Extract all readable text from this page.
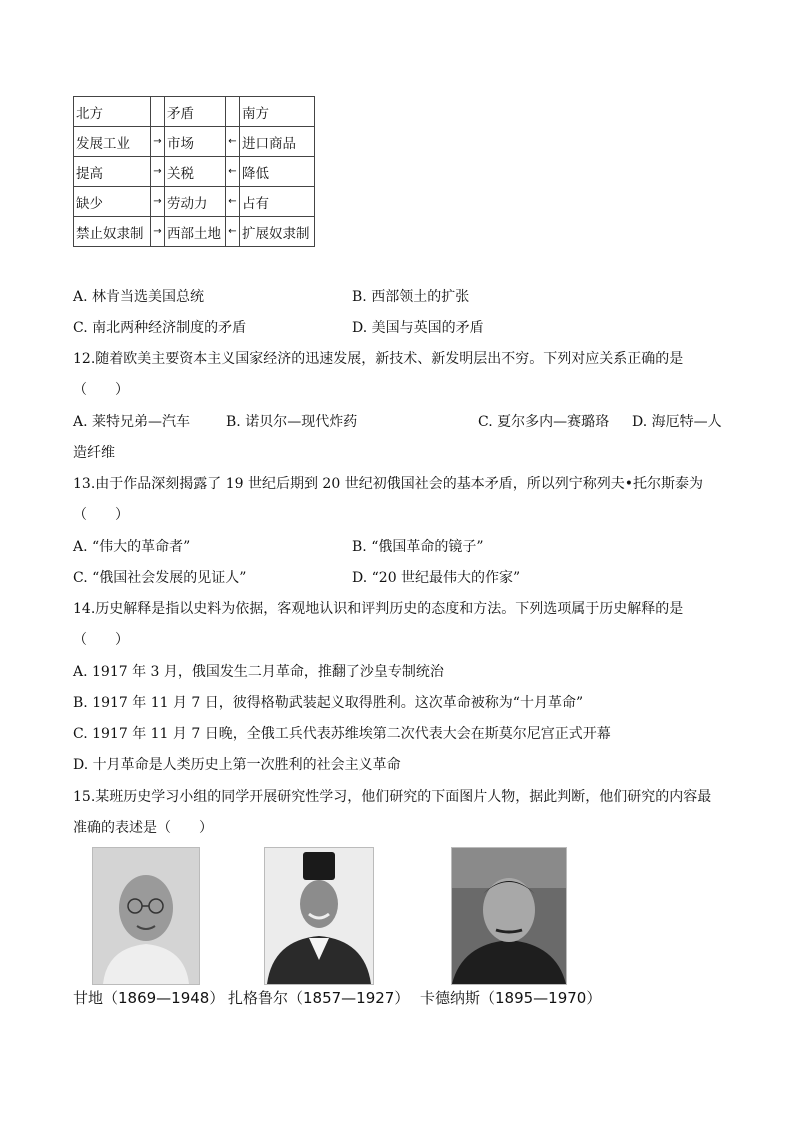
北方		矛盾		南方
发展工业	→	市场	←	进口商品
提高	→	关税	←	降低
缺少	→	劳动力	←	占有
禁止奴隶制	→	西部土地	←	扩展奴隶制
A. 林肯当选美国总统	B. 西部领土的扩张
C. 南北两种经济制度的矛盾	D. 美国与英国的矛盾
12.随着欧美主要资本主义国家经济的迅速发展，新技术、新发明层出不穷。下列对应关系正确的是
（　　）
A. 莱特兄弟—汽车	B. 诺贝尔—现代炸药	C. 夏尔多内—赛璐珞 D. 海厄特—人
造纤维
13.由于作品深刻揭露了 19 世纪后期到 20 世纪初俄国社会的基本矛盾，所以列宁称列夫•托尔斯泰为
（　　）
A. “伟大的革命者”	B. “俄国革命的镜子”
C. “俄国社会发展的见证人”	D. “20 世纪最伟大的作家”
14.历史解释是指以史料为依据，客观地认识和评判历史的态度和方法。下列选项属于历史解释的是
（　　）
A. 1917 年 3 月，俄国发生二月革命，推翻了沙皇专制统治
B. 1917 年 11 月 7 日，彼得格勒武装起义取得胜利。这次革命被称为“十月革命”
C. 1917 年 11 月 7 日晚，全俄工兵代表苏维埃第二次代表大会在斯莫尔尼宫正式开幕
D. 十月革命是人类历史上第一次胜利的社会主义革命
15.某班历史学习小组的同学开展研究性学习，他们研究的下面图片人物，据此判断，他们研究的内容最
准确的表述是（　　）
甘地（1869—1948） 扎格鲁尔（1857—1927） 卡德纳斯（1895—1970）
